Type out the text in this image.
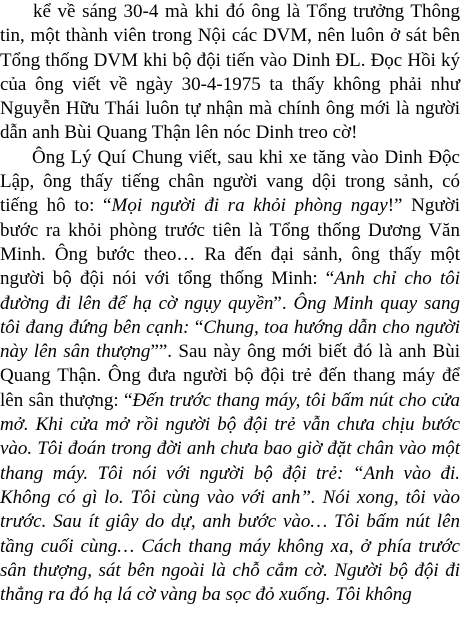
kể về sáng 30-4 mà khi đó ông là Tổng trưởng Thông tin, một thành viên trong Nội các DVM, nên luôn ở sát bên Tổng thống DVM khi bộ đội tiến vào Dinh ĐL. Đọc Hồi ký của ông viết về ngày 30-4-1975 ta thấy không phải như Nguyễn Hữu Thái luôn tự nhận mà chính ông mới là người dẫn anh Bùi Quang Thận lên nóc Dinh treo cờ!

Ông Lý Quí Chung viết, sau khi xe tăng vào Dinh Độc Lập, ông thấy tiếng chân người vang dội trong sảnh, có tiếng hô to: “Mọi người đi ra khỏi phòng ngay!” Người bước ra khỏi phòng trước tiên là Tổng thống Dương Văn Minh. Ông bước theo… Ra đến đại sảnh, ông thấy một người bộ đội nói với tổng thống Minh: “Anh chỉ cho tôi đường đi lên để hạ cờ ngụy quyền”. Ông Minh quay sang tôi đang đứng bên cạnh: “Chung, toa hướng dẫn cho người này lên sân thượng””. Sau này ông mới biết đó là anh Bùi Quang Thận. Ông đưa người bộ đội trẻ đến thang máy để lên sân thượng: “Đến trước thang máy, tôi bấm nút cho cửa mở. Khi cửa mở rồi người bộ đội trẻ vẫn chưa chịu bước vào. Tôi đoán trong đời anh chưa bao giờ đặt chân vào một thang máy. Tôi nói với người bộ đội trẻ: “Anh vào đi. Không có gì lo. Tôi cùng vào với anh”. Nói xong, tôi vào trước. Sau ít giây do dự, anh bước vào… Tôi bấm nút lên tầng cuối cùng… Cách thang máy không xa, ở phía trước sân thượng, sát bên ngoài là chỗ cắm cờ. Người bộ đội đi thẳng ra đó hạ lá cờ vàng ba sọc đỏ xuống. Tôi không
